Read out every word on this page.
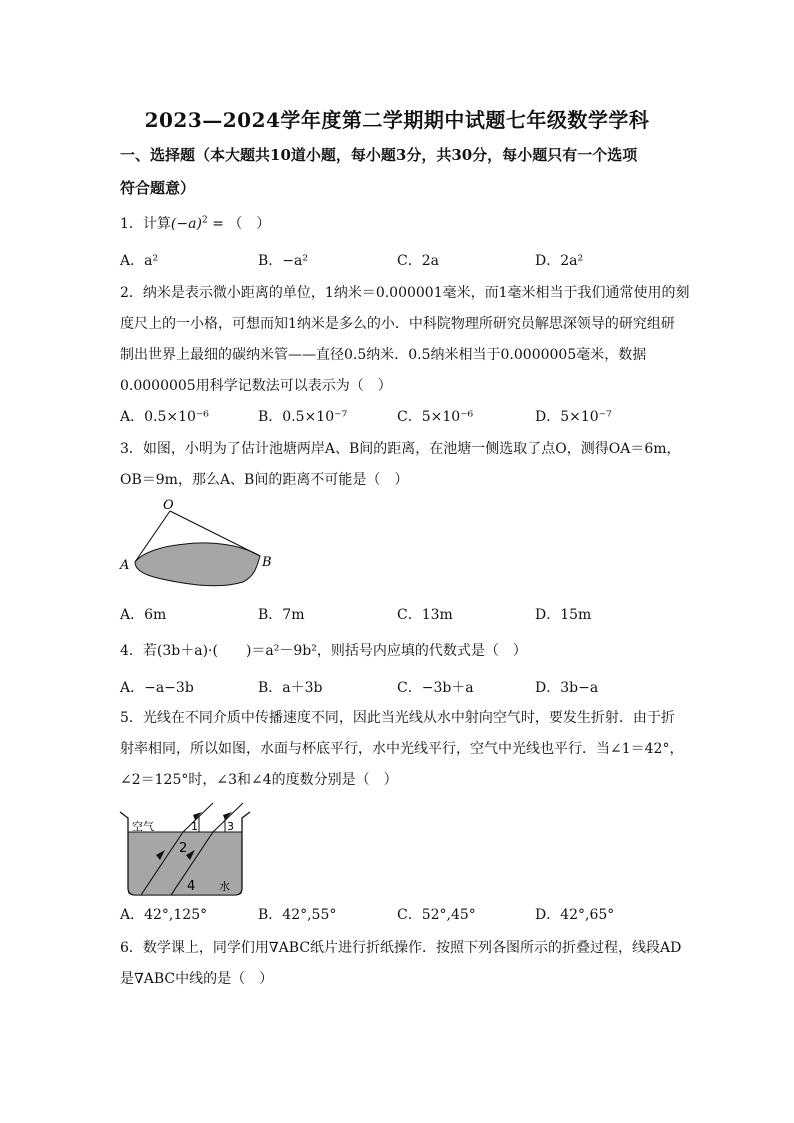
2023—2024学年度第二学期期中试题七年级数学学科
一、选择题（本大题共10道小题，每小题3分，共30分，每小题只有一个选项
符合题意）
1．计算$(-a)^2$ = （　）
A．a²	B．−a²	C．2a	D．2a²
2．纳米是表示微小距离的单位，1纳米＝0.000001毫米，而1毫米相当于我们通常使用的刻
度尺上的一小格，可想而知1纳米是多么的小．中科院物理所研究员解思深领导的研究组研
制出世界上最细的碳纳米管——直径0.5纳米．0.5纳米相当于0.0000005毫米，数据
0.0000005用科学记数法可以表示为（　）
A．0.5×10⁻⁶	B．0.5×10⁻⁷	C．5×10⁻⁶	D．5×10⁻⁷
3．如图，小明为了估计池塘两岸A、B间的距离，在池塘一侧选取了点O，测得OA＝6m，
OB＝9m，那么A、B间的距离不可能是（　）
O
A	B
A．6m	B．7m	C．13m	D．15m
4．若(3b＋a)·(　　)＝a²－9b²，则括号内应填的代数式是（　）
A．−a−3b	B．a＋3b	C．−3b＋a	D．3b−a
5．光线在不同介质中传播速度不同，因此当光线从水中射向空气时，要发生折射．由于折
射率相同，所以如图，水面与杯底平行，水中光线平行，空气中光线也平行．当∠1＝42°，
∠2＝125°时，∠3和∠4的度数分别是（　）
空气	1	3
2
4 水
A．42°,125°	B．42°,55°	C．52°,45°	D．42°,65°
6．数学课上，同学们用∇ABC纸片进行折纸操作．按照下列各图所示的折叠过程，线段AD
是∇ABC中线的是（　）
